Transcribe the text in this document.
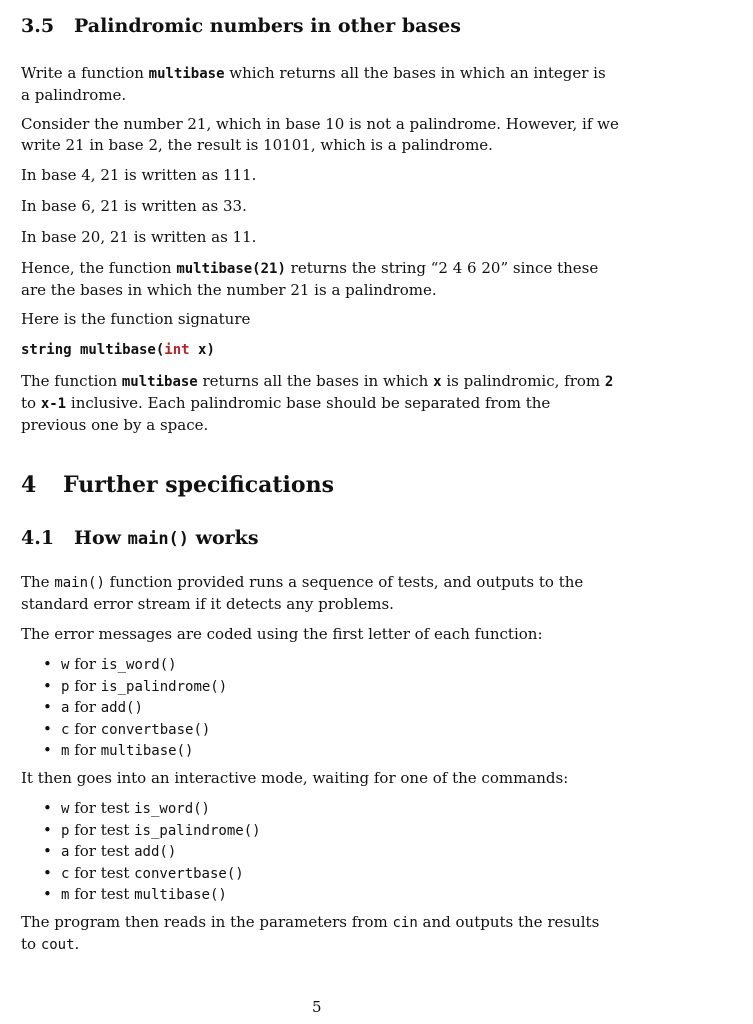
3.5 Palindromic numbers in other bases

Write a function multibase which returns all the bases in which an integer is a palindrome.

Consider the number 21, which in base 10 is not a palindrome. However, if we write 21 in base 2, the result is 10101, which is a palindrome.

In base 4, 21 is written as 111.

In base 6, 21 is written as 33.

In base 20, 21 is written as 11.

Hence, the function multibase(21) returns the string “2 4 6 20” since these are the bases in which the number 21 is a palindrome.

Here is the function signature

string multibase(int x)

The function multibase returns all the bases in which x is palindromic, from 2 to x-1 inclusive. Each palindromic base should be separated from the previous one by a space.

4 Further specifications
4.1 How main() works

The main() function provided runs a sequence of tests, and outputs to the standard error stream if it detects any problems.

The error messages are coded using the first letter of each function:

• w for is_word()
• p for is_palindrome()
• a for add()
• c for convertbase()
• m for multibase()

It then goes into an interactive mode, waiting for one of the commands:

• w for test is_word()
• p for test is_palindrome()
• a for test add()
• c for test convertbase()
• m for test multibase()

The program then reads in the parameters from cin and outputs the results to cout.

5
